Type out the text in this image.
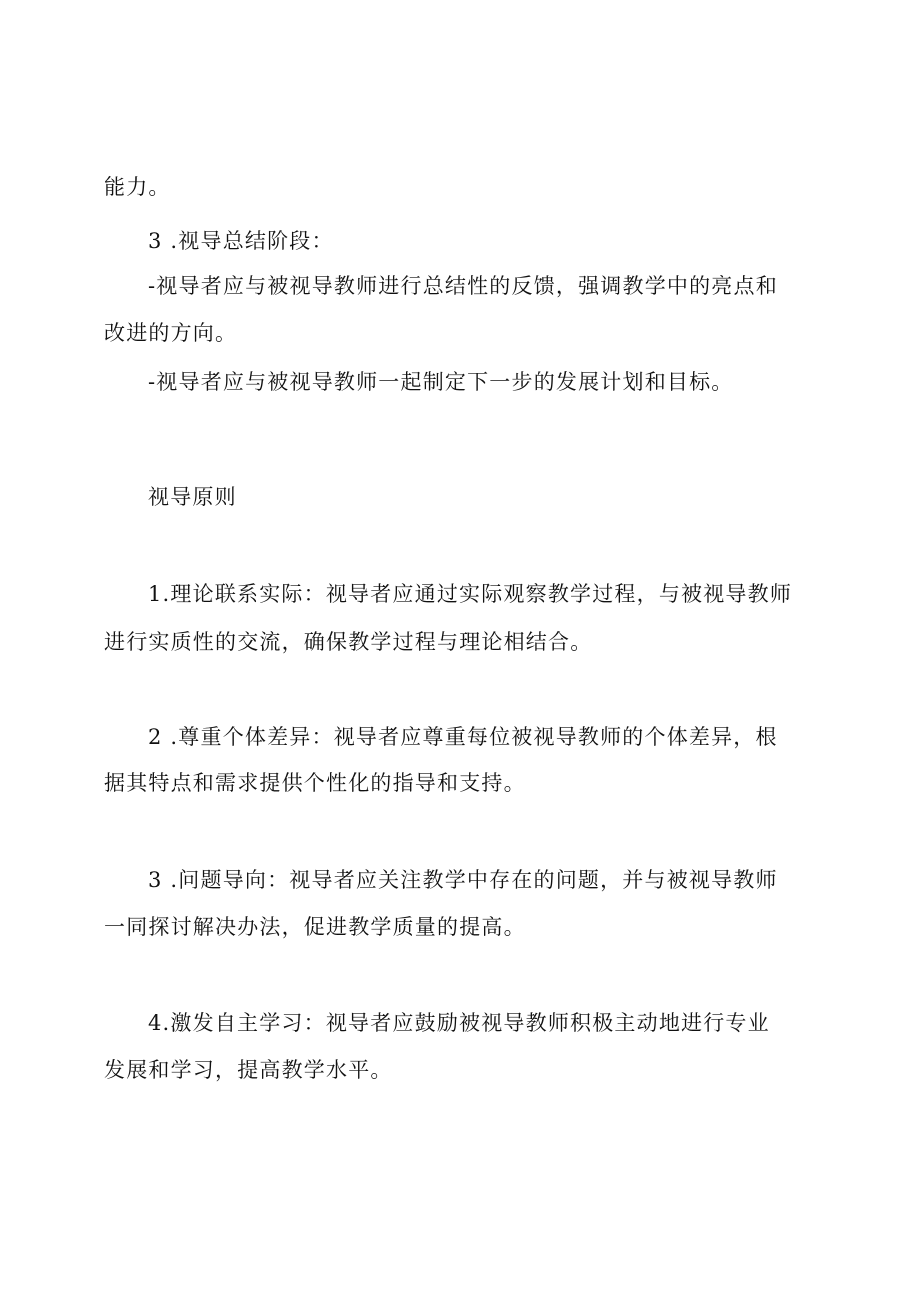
能力。
3 .视导总结阶段：
-视导者应与被视导教师进行总结性的反馈，强调教学中的亮点和
改进的方向。
-视导者应与被视导教师一起制定下一步的发展计划和目标。
视导原则
1.理论联系实际：视导者应通过实际观察教学过程，与被视导教师
进行实质性的交流，确保教学过程与理论相结合。
2 .尊重个体差异：视导者应尊重每位被视导教师的个体差异，根
据其特点和需求提供个性化的指导和支持。
3 .问题导向：视导者应关注教学中存在的问题，并与被视导教师
一同探讨解决办法，促进教学质量的提高。
4.激发自主学习：视导者应鼓励被视导教师积极主动地进行专业
发展和学习，提高教学水平。
